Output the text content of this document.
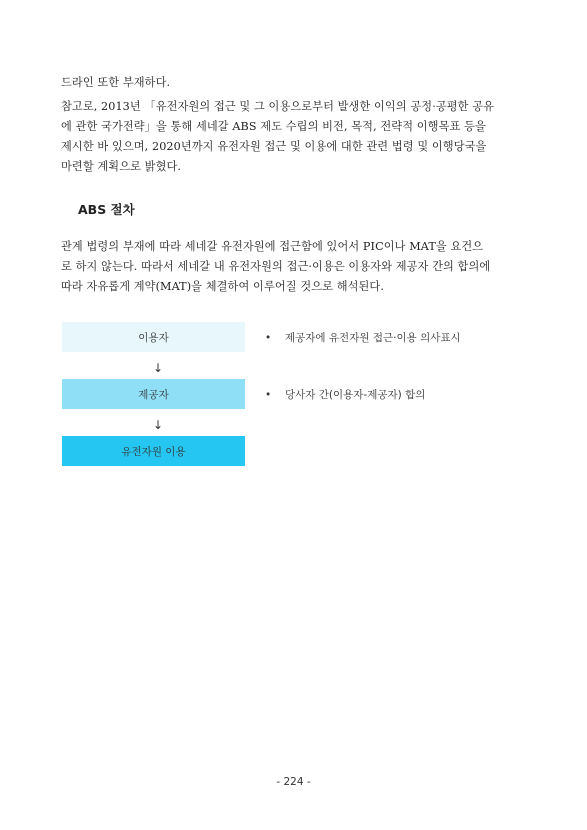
드라인 또한 부재하다.

참고로, 2013년 「유전자원의 접근 및 그 이용으로부터 발생한 이익의 공정·공평한 공유
에 관한 국가전략」을 통해 세네갈 ABS 제도 수립의 비전, 목적, 전략적 이행목표 등을
제시한 바 있으며, 2020년까지 유전자원 접근 및 이용에 대한 관련 법령 및 이행당국을
마련할 계획으로 밝혔다.

ABS 절차

관계 법령의 부재에 따라 세네갈 유전자원에 접근함에 있어서 PIC이나 MAT을 요건으
로 하지 않는다. 따라서 세네갈 내 유전자원의 접근·이용은 이용자와 제공자 간의 합의에
따라 자유롭게 계약(MAT)을 체결하여 이루어질 것으로 해석된다.

이용자
↓
제공자
↓
유전자원 이용
•	제공자에 유전자원 접근·이용 의사표시
•	당사자 간(이용자-제공자) 합의
- 224 -
